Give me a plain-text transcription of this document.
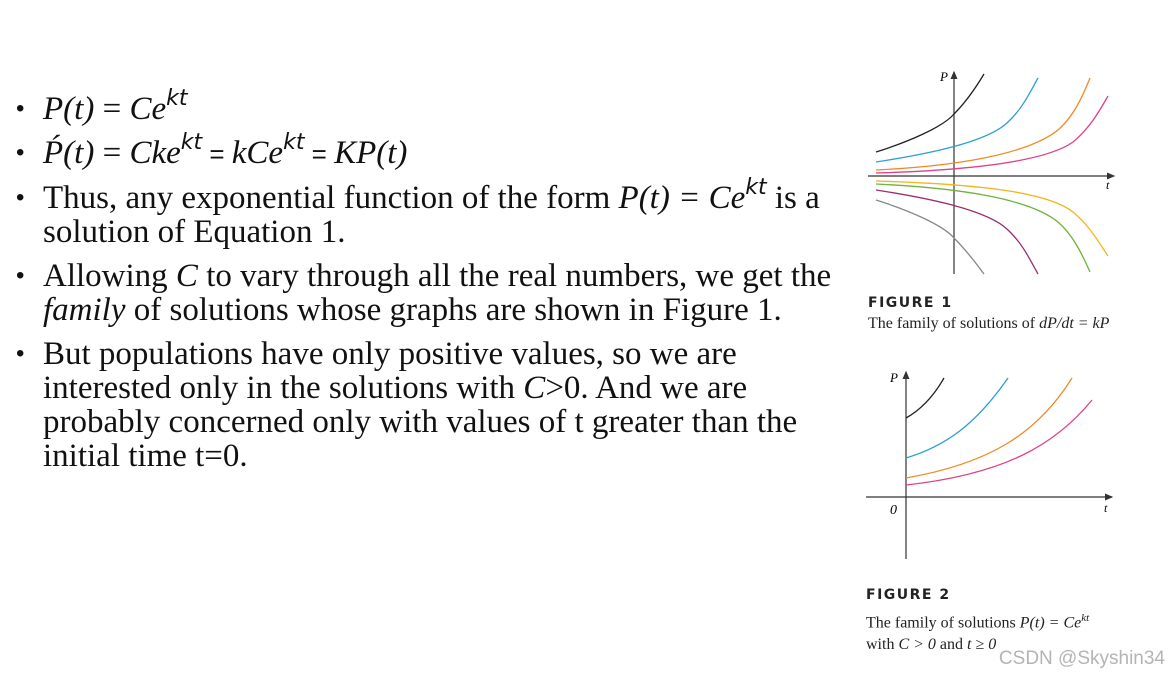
• $P(t) = Ce^{kt}$
• Ṕ(t) = Cke$^{kt}$ = kCe$^{kt}$ = KP(t)
• Thus, any exponential function of the form $P(t) = Ce^{kt}$ is a solution of Equation 1.
• Allowing C to vary through all the real numbers, we get the family of solutions whose graphs are shown in Figure 1.
• But populations have only positive values, so we are interested only in the solutions with C>0. And we are probably concerned only with values of t greater than the initial time t=0.
P
t
FIGURE 1
The family of solutions of dP/dt = kP
P
t
0
FIGURE 2
The family of solutions $P(t) = Ce^{kt}$
with C > 0 and t ≥ 0
CSDN @Skyshin34
